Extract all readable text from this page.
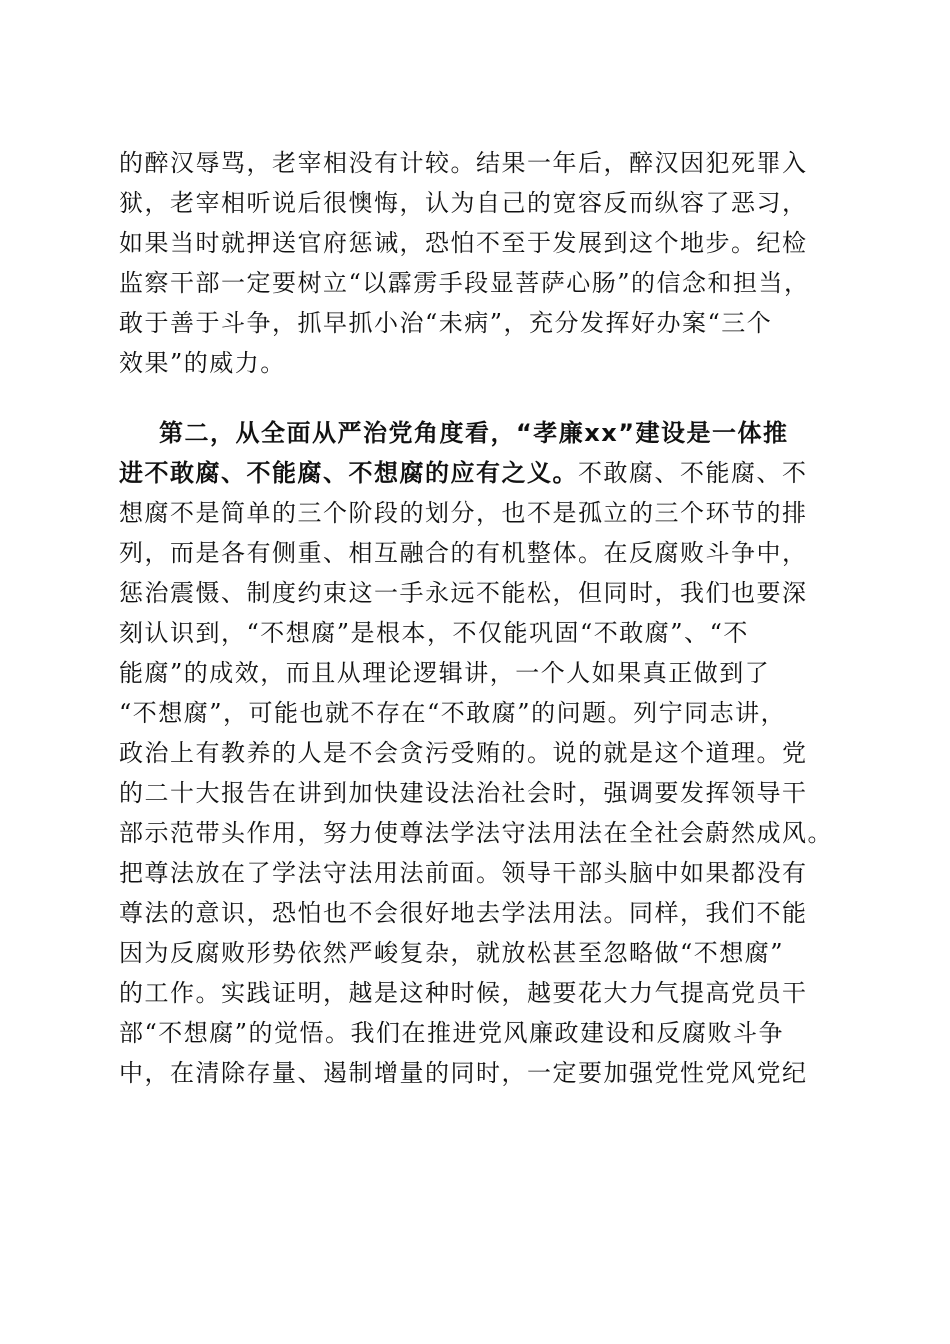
的醉汉辱骂，老宰相没有计较。结果一年后，醉汉因犯死罪入
狱，老宰相听说后很懊悔，认为自己的宽容反而纵容了恶习，
如果当时就押送官府惩诫，恐怕不至于发展到这个地步。纪检
监察干部一定要树立“以霹雳手段显菩萨心肠”的信念和担当，
敢于善于斗争，抓早抓小治“未病”，充分发挥好办案“三个
效果”的威力。
第二，从全面从严治党角度看，“孝廉xx”建设是一体推
进不敢腐、不能腐、不想腐的应有之义。不敢腐、不能腐、不
想腐不是简单的三个阶段的划分，也不是孤立的三个环节的排
列，而是各有侧重、相互融合的有机整体。在反腐败斗争中，
惩治震慑、制度约束这一手永远不能松，但同时，我们也要深
刻认识到，“不想腐”是根本，不仅能巩固“不敢腐”、“不
能腐”的成效，而且从理论逻辑讲，一个人如果真正做到了
“不想腐”，可能也就不存在“不敢腐”的问题。列宁同志讲，
政治上有教养的人是不会贪污受贿的。说的就是这个道理。党
的二十大报告在讲到加快建设法治社会时，强调要发挥领导干
部示范带头作用，努力使尊法学法守法用法在全社会蔚然成风。
把尊法放在了学法守法用法前面。领导干部头脑中如果都没有
尊法的意识，恐怕也不会很好地去学法用法。同样，我们不能
因为反腐败形势依然严峻复杂，就放松甚至忽略做“不想腐”
的工作。实践证明，越是这种时候，越要花大力气提高党员干
部“不想腐”的觉悟。我们在推进党风廉政建设和反腐败斗争
中，在清除存量、遏制增量的同时，一定要加强党性党风党纪
